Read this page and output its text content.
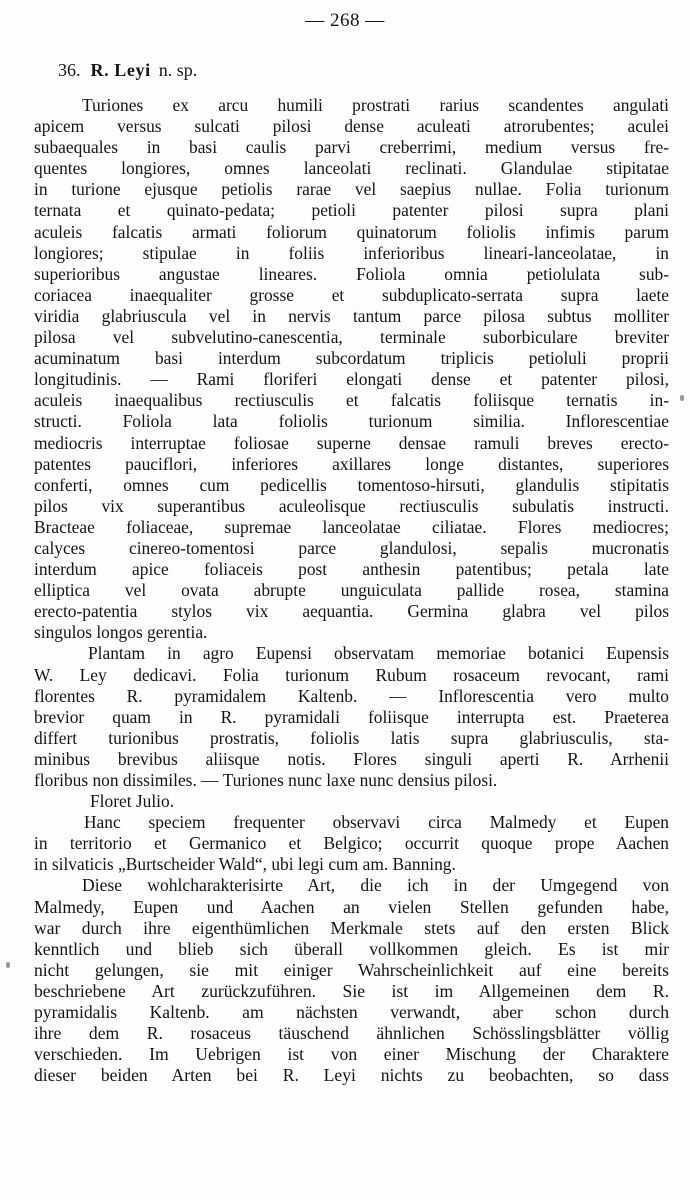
— 268 —
36. R. Leyi n. sp.
Turiones ex arcu humili prostrati rarius scandentes angulati
apicem versus sulcati pilosi dense aculeati atrorubentes; aculei
subaequales in basi caulis parvi creberrimi, medium versus fre-
quentes longiores, omnes lanceolati reclinati. Glandulae stipitatae
in turione ejusque petiolis rarae vel saepius nullae. Folia turionum
ternata et quinato-pedata; petioli patenter pilosi supra plani
aculeis falcatis armati foliorum quinatorum foliolis infimis parum
longiores; stipulae in foliis inferioribus lineari-lanceolatae, in
superioribus angustae lineares. Foliola omnia petiolulata sub-
coriacea inaequaliter grosse et subduplicato-serrata supra laete
viridia glabriuscula vel in nervis tantum parce pilosa subtus molliter
pilosa vel subvelutino-canescentia, terminale suborbiculare breviter
acuminatum basi interdum subcordatum triplicis petioluli proprii
longitudinis. — Rami floriferi elongati dense et patenter pilosi,
aculeis inaequalibus rectiusculis et falcatis foliisque ternatis in-
structi. Foliola lata foliolis turionum similia. Inflorescentiae
mediocris interruptae foliosae superne densae ramuli breves erecto-
patentes pauciflori, inferiores axillares longe distantes, superiores
conferti, omnes cum pedicellis tomentoso-hirsuti, glandulis stipitatis
pilos vix superantibus aculeolisque rectiusculis subulatis instructi.
Bracteae foliaceae, supremae lanceolatae ciliatae. Flores mediocres;
calyces cinereo-tomentosi parce glandulosi, sepalis mucronatis
interdum apice foliaceis post anthesin patentibus; petala late
elliptica vel ovata abrupte unguiculata pallide rosea, stamina
erecto-patentia stylos vix aequantia. Germina glabra vel pilos
singulos longos gerentia.
Plantam in agro Eupensi observatam memoriae botanici Eupensis
W. Ley dedicavi. Folia turionum Rubum rosaceum revocant, rami
florentes R. pyramidalem Kaltenb. — Inflorescentia vero multo
brevior quam in R. pyramidali foliisque interrupta est. Praeterea
differt turionibus prostratis, foliolis latis supra glabriusculis, sta-
minibus brevibus aliisque notis. Flores singuli aperti R. Arrhenii
floribus non dissimiles. — Turiones nunc laxe nunc densius pilosi.
Floret Julio.
Hanc speciem frequenter observavi circa Malmedy et Eupen
in territorio et Germanico et Belgico; occurrit quoque prope Aachen
in silvaticis „Burtscheider Wald“, ubi legi cum am. Banning.
Diese wohlcharakterisirte Art, die ich in der Umgegend von
Malmedy, Eupen und Aachen an vielen Stellen gefunden habe,
war durch ihre eigenthümlichen Merkmale stets auf den ersten Blick
kenntlich und blieb sich überall vollkommen gleich. Es ist mir
nicht gelungen, sie mit einiger Wahrscheinlichkeit auf eine bereits
beschriebene Art zurückzuführen. Sie ist im Allgemeinen dem R.
pyramidalis Kaltenb. am nächsten verwandt, aber schon durch
ihre dem R. rosaceus täuschend ähnlichen Schösslingsblätter völlig
verschieden. Im Uebrigen ist von einer Mischung der Charaktere
dieser beiden Arten bei R. Leyi nichts zu beobachten, so dass
